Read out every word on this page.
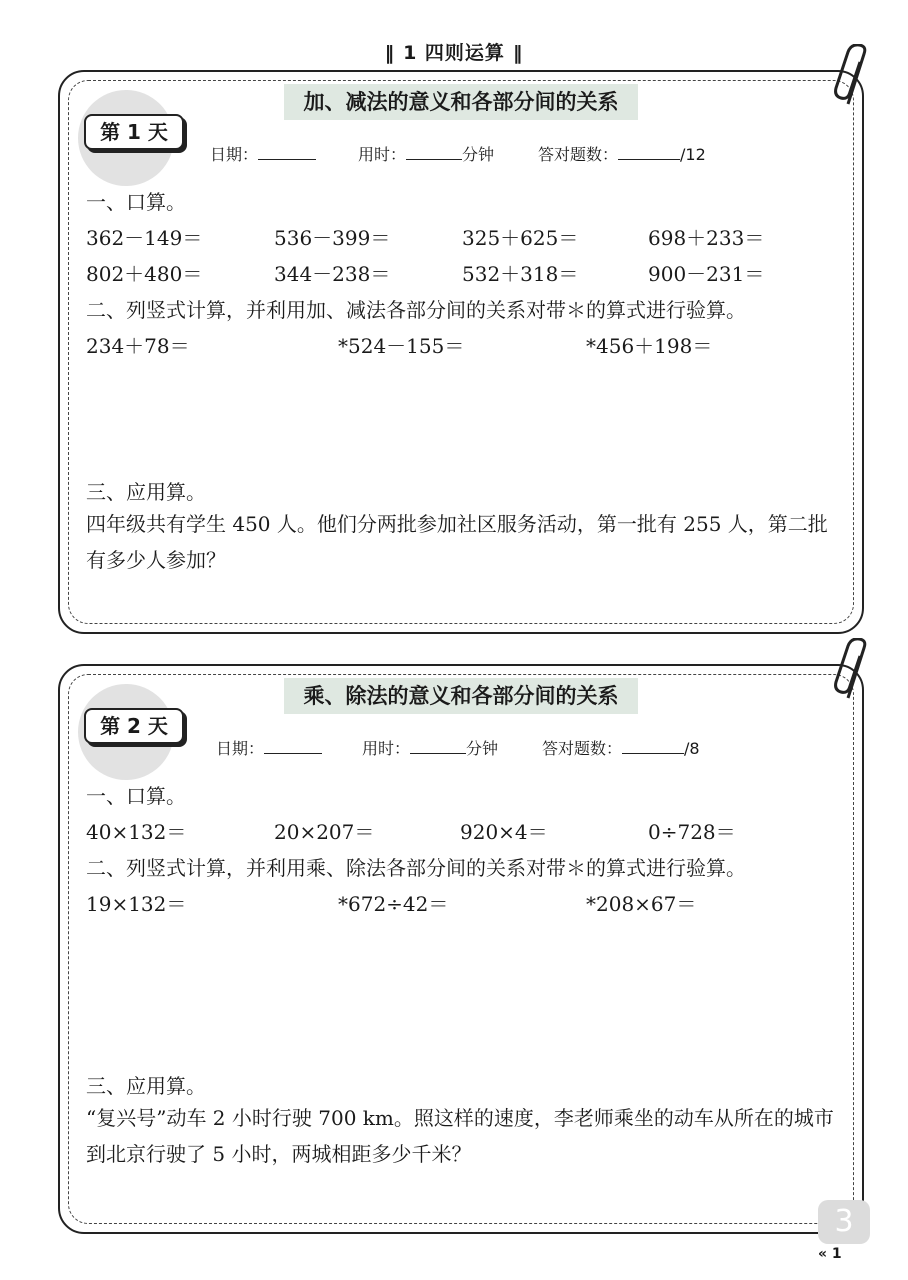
‖ 1 四则运算 ‖
第 1 天
加、减法的意义和各部分间的关系
日期：	用时：	分钟	答对题数：	/12
一、口算。
362－149＝	536－399＝	325＋625＝	698＋233＝
802＋480＝	344－238＝	532＋318＝	900－231＝
二、列竖式计算，并利用加、减法各部分间的关系对带＊的算式进行验算。
234＋78＝	*524－155＝	*456＋198＝
三、应用算。
四年级共有学生 450 人。他们分两批参加社区服务活动，第一批有 255 人，第二批有多少人参加？
第 2 天
乘、除法的意义和各部分间的关系
日期：	用时：	分钟	答对题数：	/8
一、口算。
40×132＝	20×207＝	920×4＝	0÷728＝
二、列竖式计算，并利用乘、除法各部分间的关系对带＊的算式进行验算。
19×132＝	*672÷42＝	*208×67＝
三、应用算。
“复兴号”动车 2 小时行驶 700 km。照这样的速度，李老师乘坐的动车从所在的城市到北京行驶了 5 小时，两城相距多少千米？
3
« 1
